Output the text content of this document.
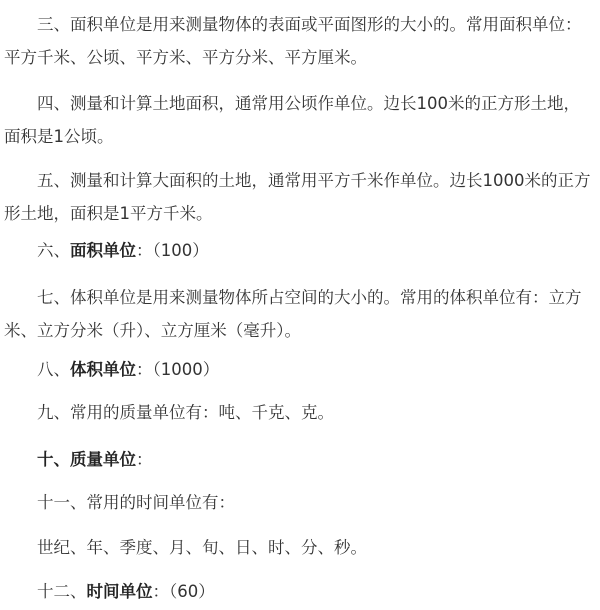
三、面积单位是用来测量物体的表面或平面图形的大小的。常用面积单位：平方千米、公顷、平方米、平方分米、平方厘米。

四、测量和计算土地面积，通常用公顷作单位。边长100米的正方形土地，面积是1公顷。

五、测量和计算大面积的土地，通常用平方千米作单位。边长1000米的正方形土地，面积是1平方千米。

六、面积单位：（100）

七、体积单位是用来测量物体所占空间的大小的。常用的体积单位有：立方米、立方分米（升）、立方厘米（毫升）。

八、体积单位：（1000）

九、常用的质量单位有：吨、千克、克。

十、质量单位：

十一、常用的时间单位有：

世纪、年、季度、月、旬、日、时、分、秒。

十二、时间单位：（60）
